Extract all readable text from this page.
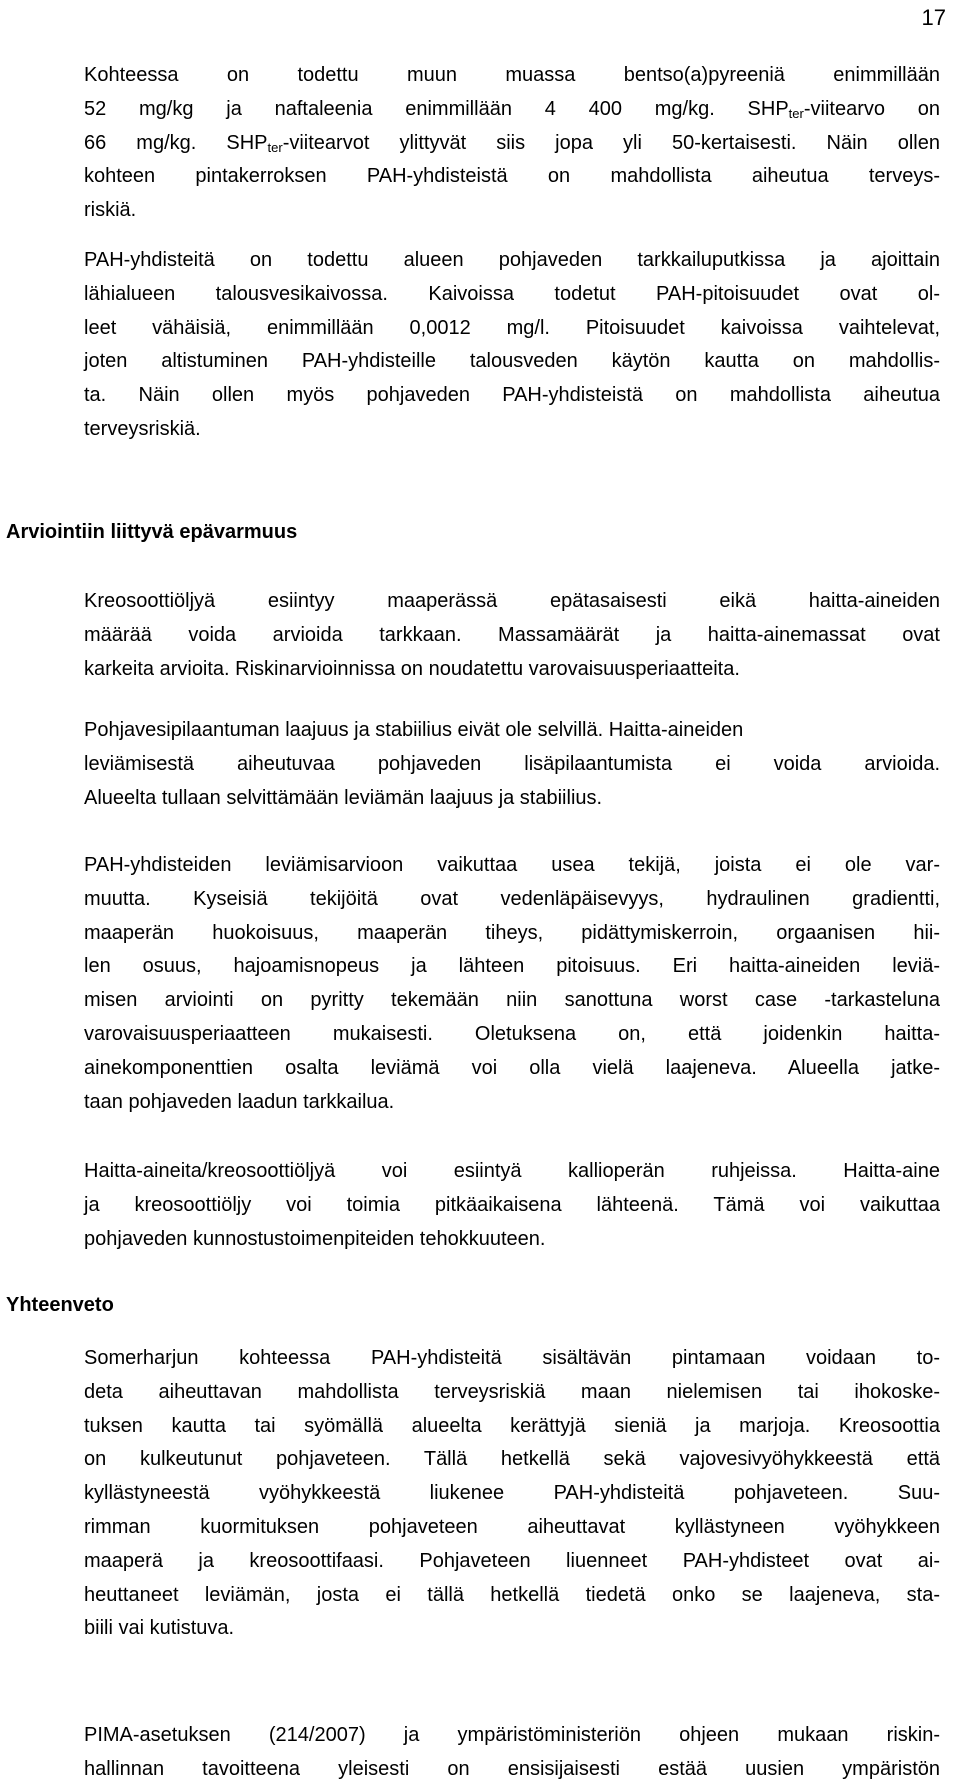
17
Kohteessa on todettu muun muassa bentso(a)pyreeniä enimmillään
52 mg/kg ja naftaleenia enimmillään 4 400 mg/kg. $SHP_{ter}$-viitearvo on
66 mg/kg. $SHP_{ter}$-viitearvot ylittyvät siis jopa yli 50-kertaisesti. Näin ollen
kohteen pintakerroksen PAH-yhdisteistä on mahdollista aiheutua terveys-
riskiä.
PAH-yhdisteitä on todettu alueen pohjaveden tarkkailuputkissa ja ajoittain
lähialueen talousvesikaivossa. Kaivoissa todetut PAH-pitoisuudet ovat ol-
leet vähäisiä, enimmillään 0,0012 mg/l. Pitoisuudet kaivoissa vaihtelevat,
joten altistuminen PAH-yhdisteille talousveden käytön kautta on mahdollis-
ta. Näin ollen myös pohjaveden PAH-yhdisteistä on mahdollista aiheutua
terveysriskiä.
Arviointiin liittyvä epävarmuus
Kreosoottiöljyä esiintyy maaperässä epätasaisesti eikä haitta-aineiden
määrää voida arvioida tarkkaan. Massamäärät ja haitta-ainemassat ovat
karkeita arvioita. Riskinarvioinnissa on noudatettu varovaisuusperiaatteita.
Pohjavesipilaantuman laajuus ja stabiilius eivät ole selvillä. Haitta-aineiden
leviämisestä aiheutuvaa pohjaveden lisäpilaantumista ei voida arvioida.
Alueelta tullaan selvittämään leviämän laajuus ja stabiilius.
PAH-yhdisteiden leviämisarvioon vaikuttaa usea tekijä, joista ei ole var-
muutta. Kyseisiä tekijöitä ovat vedenläpäisevyys, hydraulinen gradientti,
maaperän huokoisuus, maaperän tiheys, pidättymiskerroin, orgaanisen hii-
len osuus, hajoamisnopeus ja lähteen pitoisuus. Eri haitta-aineiden leviä-
misen arviointi on pyritty tekemään niin sanottuna worst case -tarkasteluna
varovaisuusperiaatteen mukaisesti. Oletuksena on, että joidenkin haitta-
ainekomponenttien osalta leviämä voi olla vielä laajeneva. Alueella jatke-
taan pohjaveden laadun tarkkailua.
Haitta-aineita/kreosoottiöljyä voi esiintyä kallioperän ruhjeissa. Haitta-aine
ja kreosoottiöljy voi toimia pitkäaikaisena lähteenä. Tämä voi vaikuttaa
pohjaveden kunnostustoimenpiteiden tehokkuuteen.
Yhteenveto
Somerharjun kohteessa PAH-yhdisteitä sisältävän pintamaan voidaan to-
deta aiheuttavan mahdollista terveysriskiä maan nielemisen tai ihokoske-
tuksen kautta tai syömällä alueelta kerättyjä sieniä ja marjoja. Kreosoottia
on kulkeutunut pohjaveteen. Tällä hetkellä sekä vajovesivyöhykkeestä että
kyllästyneestä vyöhykkeestä liukenee PAH-yhdisteitä pohjaveteen. Suu-
rimman kuormituksen pohjaveteen aiheuttavat kyllästyneen vyöhykkeen
maaperä ja kreosoottifaasi. Pohjaveteen liuenneet PAH-yhdisteet ovat ai-
heuttaneet leviämän, josta ei tällä hetkellä tiedetä onko se laajeneva, sta-
biili vai kutistuva.
PIMA-asetuksen (214/2007) ja ympäristöministeriön ohjeen mukaan riskin-
hallinnan tavoitteena yleisesti on ensisijaisesti estää uusien ympäristön
